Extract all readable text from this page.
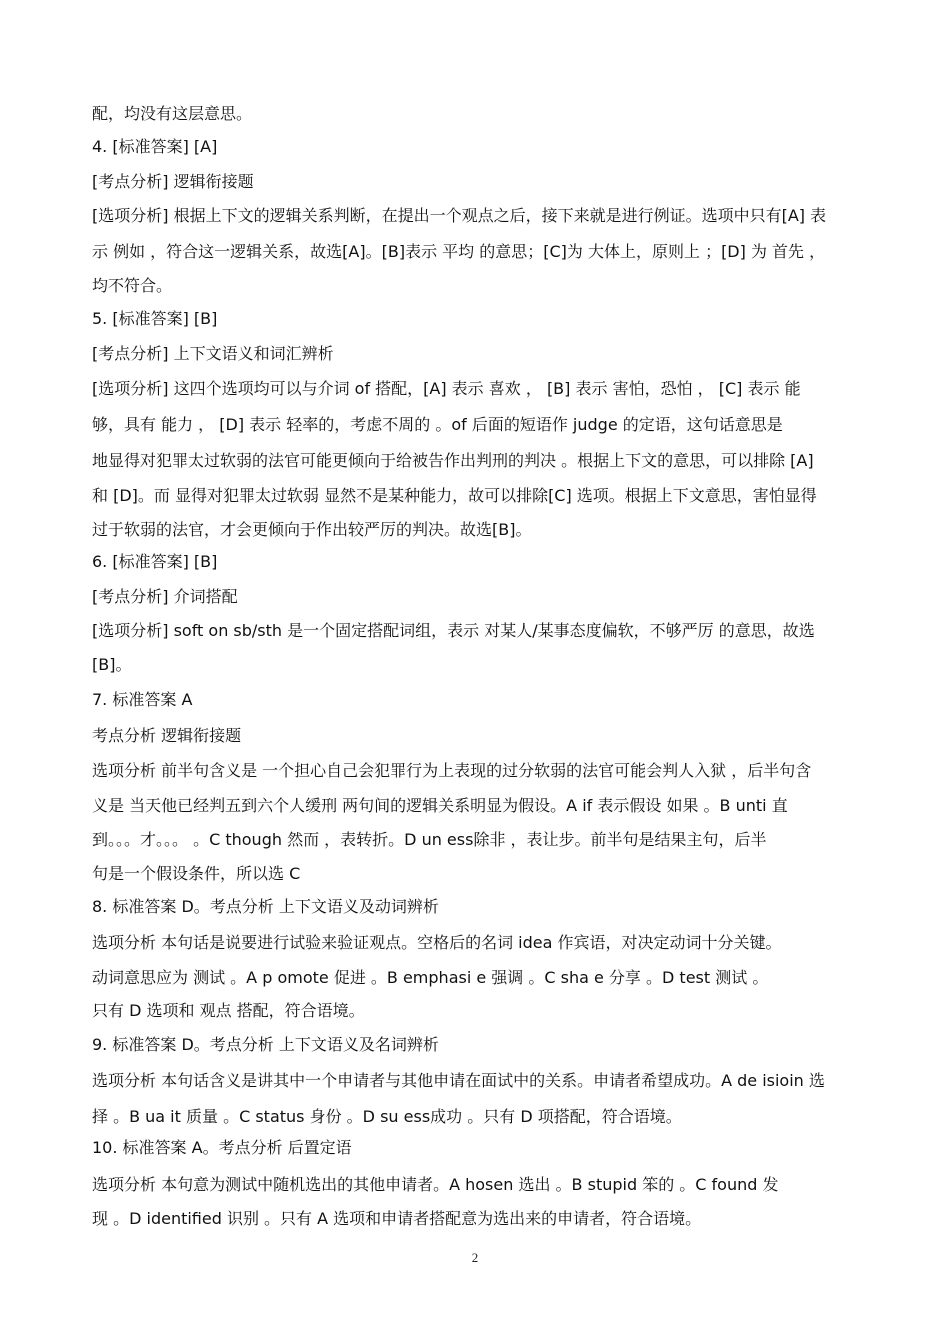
配，均没有这层意思。
4. [标准答案] [A]
[考点分析] 逻辑衔接题
[选项分析] 根据上下文的逻辑关系判断，在提出一个观点之后，接下来就是进行例证。选项中只有[A] 表
示 例如 ，符合这一逻辑关系，故选[A]。[B]表示 平均 的意思；[C]为 大体上，原则上 ；[D] 为 首先 ，
均不符合。
5. [标准答案] [B]
[考点分析] 上下文语义和词汇辨析
[选项分析] 这四个选项均可以与介词 of 搭配，[A] 表示 喜欢 ， [B] 表示 害怕，恐怕 ， [C] 表示 能
够，具有 能力 ， [D] 表示 轻率的，考虑不周的 。of 后面的短语作 judge 的定语，这句话意思是
地显得对犯罪太过软弱的法官可能更倾向于给被告作出判刑的判决 。根据上下文的意思，可以排除 [A]
和 [D]。而 显得对犯罪太过软弱 显然不是某种能力，故可以排除[C] 选项。根据上下文意思，害怕显得
过于软弱的法官，才会更倾向于作出较严厉的判决。故选[B]。
6. [标准答案] [B]
[考点分析] 介词搭配
[选项分析] soft on sb/sth 是一个固定搭配词组，表示 对某人/某事态度偏软，不够严厉 的意思，故选
[B]。
7. 标准答案 A
考点分析 逻辑衔接题
选项分析 前半句含义是 一个担心自己会犯罪行为上表现的过分软弱的法官可能会判人入狱 ，后半句含
义是 当天他已经判五到六个人缓刑 两句间的逻辑关系明显为假设。A if 表示假设 如果 。B unti 直
到。。。才。。。 。C though 然而 ，表转折。D un ess除非 ，表让步。前半句是结果主句，后半
句是一个假设条件，所以选 C
8. 标准答案 D。考点分析 上下文语义及动词辨析
选项分析 本句话是说要进行试验来验证观点。空格后的名词 idea 作宾语，对决定动词十分关键。
动词意思应为 测试 。A p omote 促进 。B emphasi e 强调 。C sha e 分享 。D test 测试 。
只有 D 选项和 观点 搭配，符合语境。
9. 标准答案 D。考点分析 上下文语义及名词辨析
选项分析 本句话含义是讲其中一个申请者与其他申请在面试中的关系。申请者希望成功。A de isioin 选
择 。B ua it 质量 。C status 身份 。D su ess成功 。只有 D 项搭配，符合语境。
10. 标准答案 A。考点分析 后置定语
选项分析 本句意为测试中随机选出的其他申请者。A hosen 选出 。B stupid 笨的 。C found 发
现 。D identified 识别 。只有 A 选项和申请者搭配意为选出来的申请者，符合语境。
2
